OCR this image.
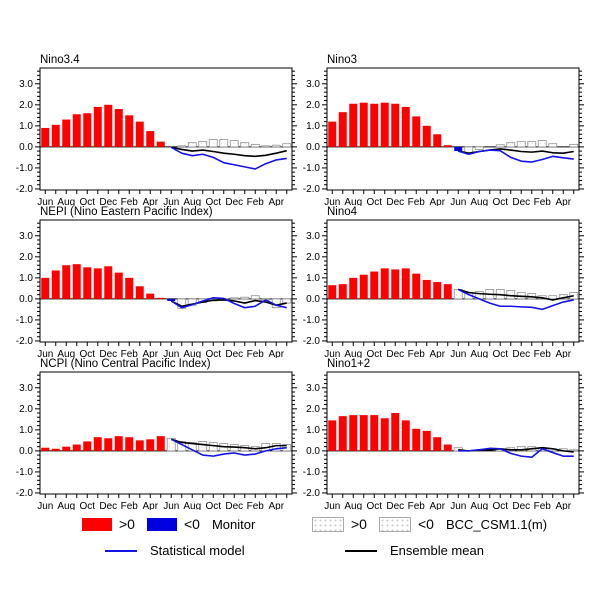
Nino3.4
3.0
2.0
1.0
0.0
-1.0
-2.0
Jun Aug Oct Dec Feb Apr Jun Aug Oct Dec Feb Apr
Nino3
3.0
2.0
1.0
0.0
-1.0
-2.0
Jun Aug Oct Dec Feb Apr Jun Aug Oct Dec Feb Apr
NEPI (Nino Eastern Pacific Index)
3.0
2.0
1.0
0.0
-1.0
-2.0
Jun Aug Oct Dec Feb Apr Jun Aug Oct Dec Feb Apr
Nino4
3.0
2.0
1.0
0.0
-1.0
-2.0
Jun Aug Oct Dec Feb Apr Jun Aug Oct Dec Feb Apr
NCPI (Nino Central Pacific Index)
3.0
2.0
1.0
0.0
-1.0
-2.0
Jun Aug Oct Dec Feb Apr Jun Aug Oct Dec Feb Apr
Nino1+2
3.0
2.0
1.0
0.0
-1.0
-2.0
Jun Aug Oct Dec Feb Apr Jun Aug Oct Dec Feb Apr
>0	<0 Monitor	>0	<0 BCC_CSM1.1(m)
Statistical model	Ensemble mean
